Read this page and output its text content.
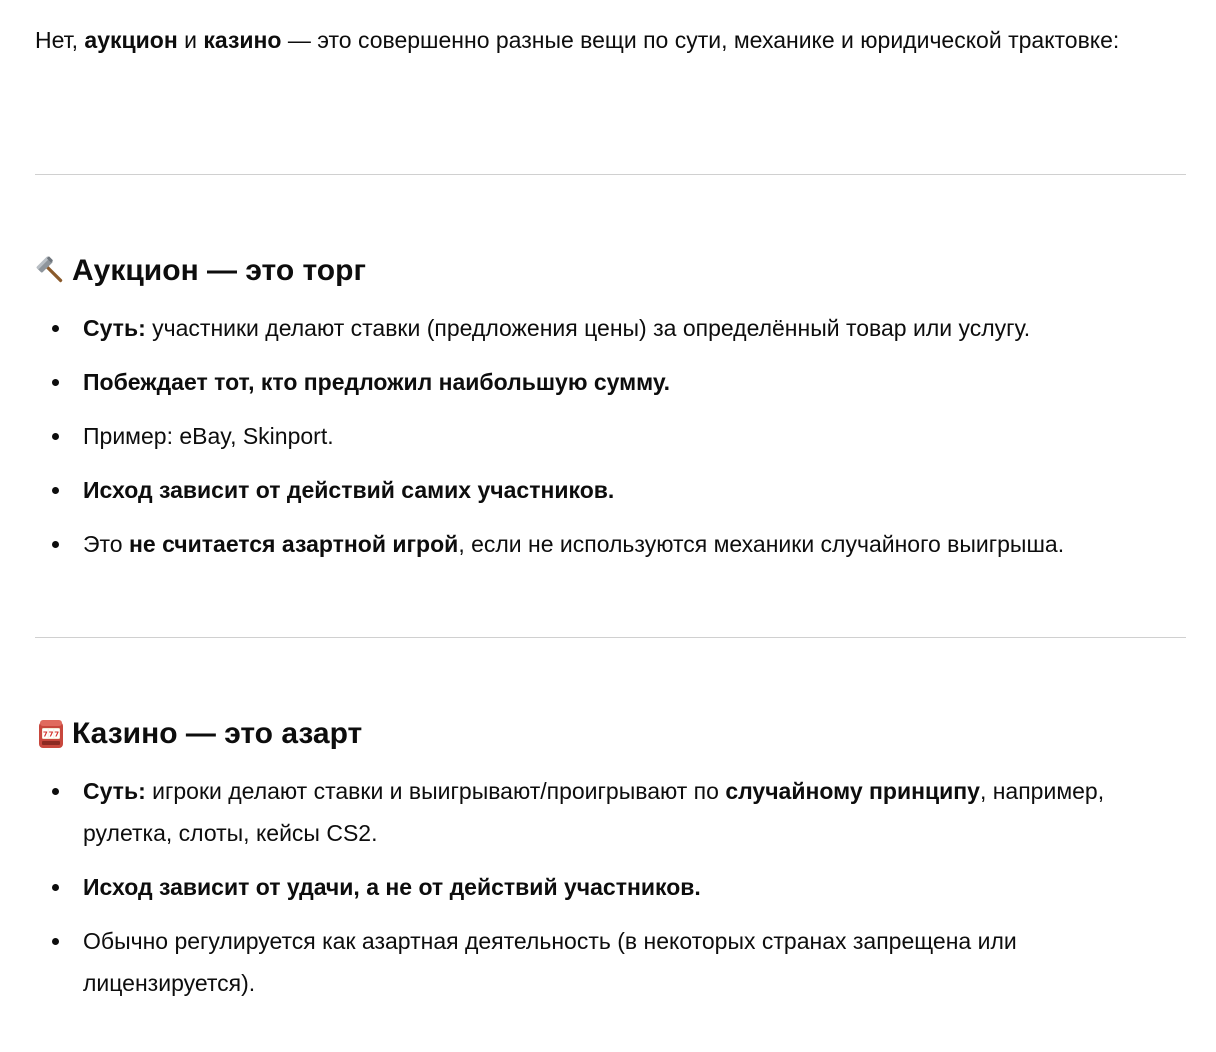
Нет, аукцион и казино — это совершенно разные вещи по сути, механике и юридической трактовке:

Аукцион — это торг
Суть: участники делают ставки (предложения цены) за определённый товар или услугу.
Побеждает тот, кто предложил наибольшую сумму.
Пример: eBay, Skinport.
Исход зависит от действий самих участников.
Это не считается азартной игрой, если не используются механики случайного выигрыша.
7 7 7 Казино — это азарт
Суть: игроки делают ставки и выигрывают/проигрывают по случайному принципу, например, рулетка, слоты, кейсы CS2.
Исход зависит от удачи, а не от действий участников.
Обычно регулируется как азартная деятельность (в некоторых странах запрещена или лицензируется).
